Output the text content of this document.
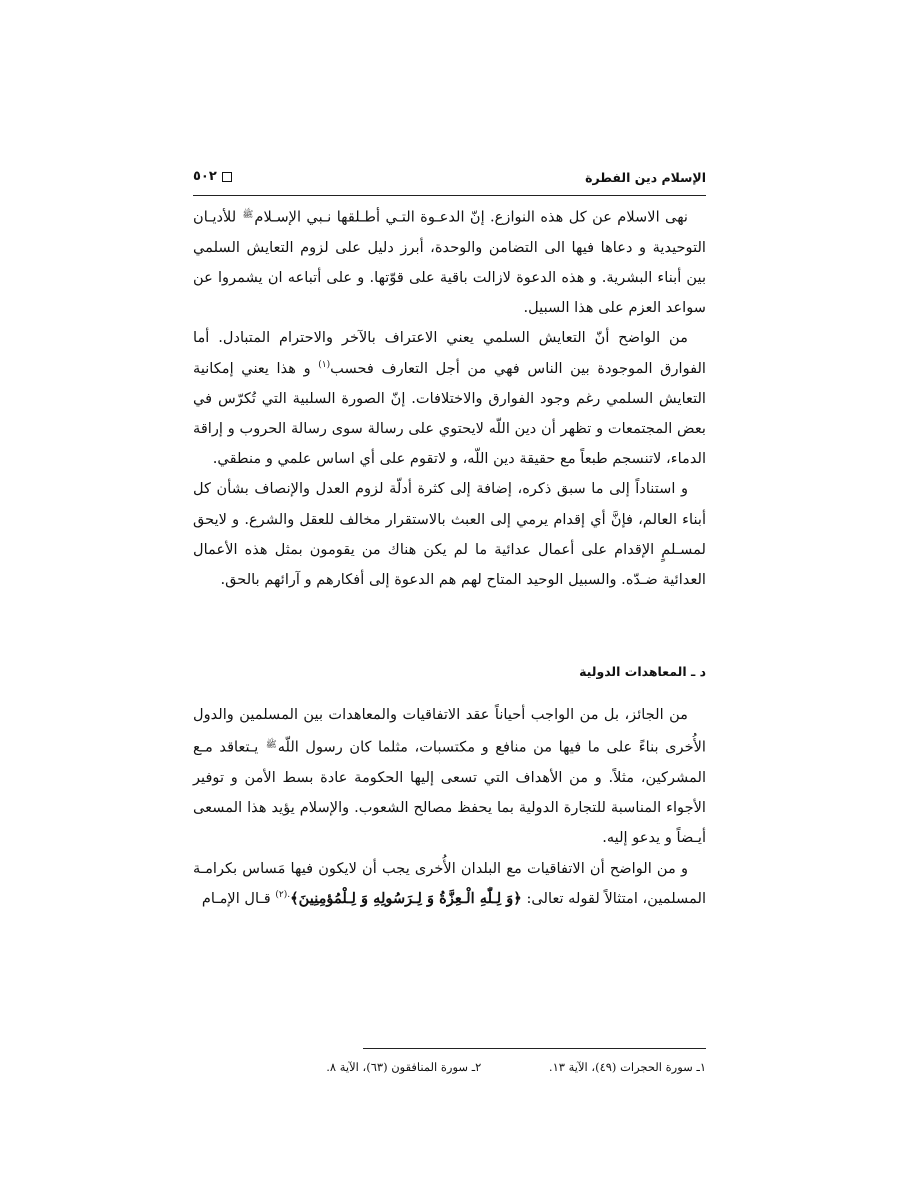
الإسلام دين الفطرة
٥٠٢

نهى الاسلام عن كل هذه النوازع. إنّ الدعـوة التـي أطـلقها نـبي الإسـلام$^ﷺ$ للأديـان التوحيدية و دعاها فيها الى التضامن والوحدة، أبرز دليل على لزوم التعايش السلمي بين أبناء البشرية. و هذه الدعوة لازالت باقية على قوّتها. و على أتباعه ان يشمروا عن سواعد العزم على هذا السبيل.

من الواضح أنّ التعايش السلمي يعني الاعتراف بالآخر والاحترام المتبادل. أما الفوارق الموجودة بين الناس فهي من أجل التعارف فحسب$^{(١)}$ و هذا يعني إمكانية التعايش السلمي رغم وجود الفوارق والاختلافات. إنّ الصورة السلبية التي تُكرّس في بعض المجتمعات و تظهر أن دين اللّه لايحتوي على رسالة سوى رسالة الحروب و إراقة الدماء، لاتنسجم طبعاً مع حقيقة دين اللّه، و لاتقوم على أي اساس علمي و منطقي.

و استناداً إلى ما سبق ذكره، إضافة إلى كثرة أدلّة لزوم العدل والإنصاف بشأن كل أبناء العالم، فإنَّ أي إقدام يرمي إلى العبث بالاستقرار مخالف للعقل والشرع. و لايحق لمسـلمٍ الإقدام على أعمال عدائية ما لم يكن هناك من يقومون بمثل هذه الأعمال العدائية ضـدّه. والسبيل الوحيد المتاح لهم هم الدعوة إلى أفكارهم و آرائهم بالحق.

د ـ المعاهدات الدولية

من الجائز، بل من الواجب أحياناً عقد الاتفاقيات والمعاهدات بين المسلمين والدول الأُخرى بناءً على ما فيها من منافع و مكتسبات، مثلما كان رسول اللّه$^ﷺ$ يـتعاقد مـع المشركين، مثلاً. و من الأهداف التي تسعى إليها الحكومة عادة بسط الأمن و توفير الأجواء المناسبة للتجارة الدولية بما يحفظ مصالح الشعوب. والإسلام يؤيد هذا المسعى أيـضاً و يدعو إليه.

و من الواضح أن الاتفاقيات مع البلدان الأُخرى يجب أن لايكون فيها مَساس بكرامـة المسلمين، امتثالاً لقوله تعالى: ﴿وَ لِـلّٰهِ الْـعِزَّةُ وَ لِـرَسُولِهِ وَ لِـلْمُؤمِنِينَ﴾$^{.(٢)}$ قـال الإمـام

١ـ سورة الحجرات (٤٩)، الآية ١٣. ٢ـ سورة المنافقون (٦٣)، الآية ٨.
